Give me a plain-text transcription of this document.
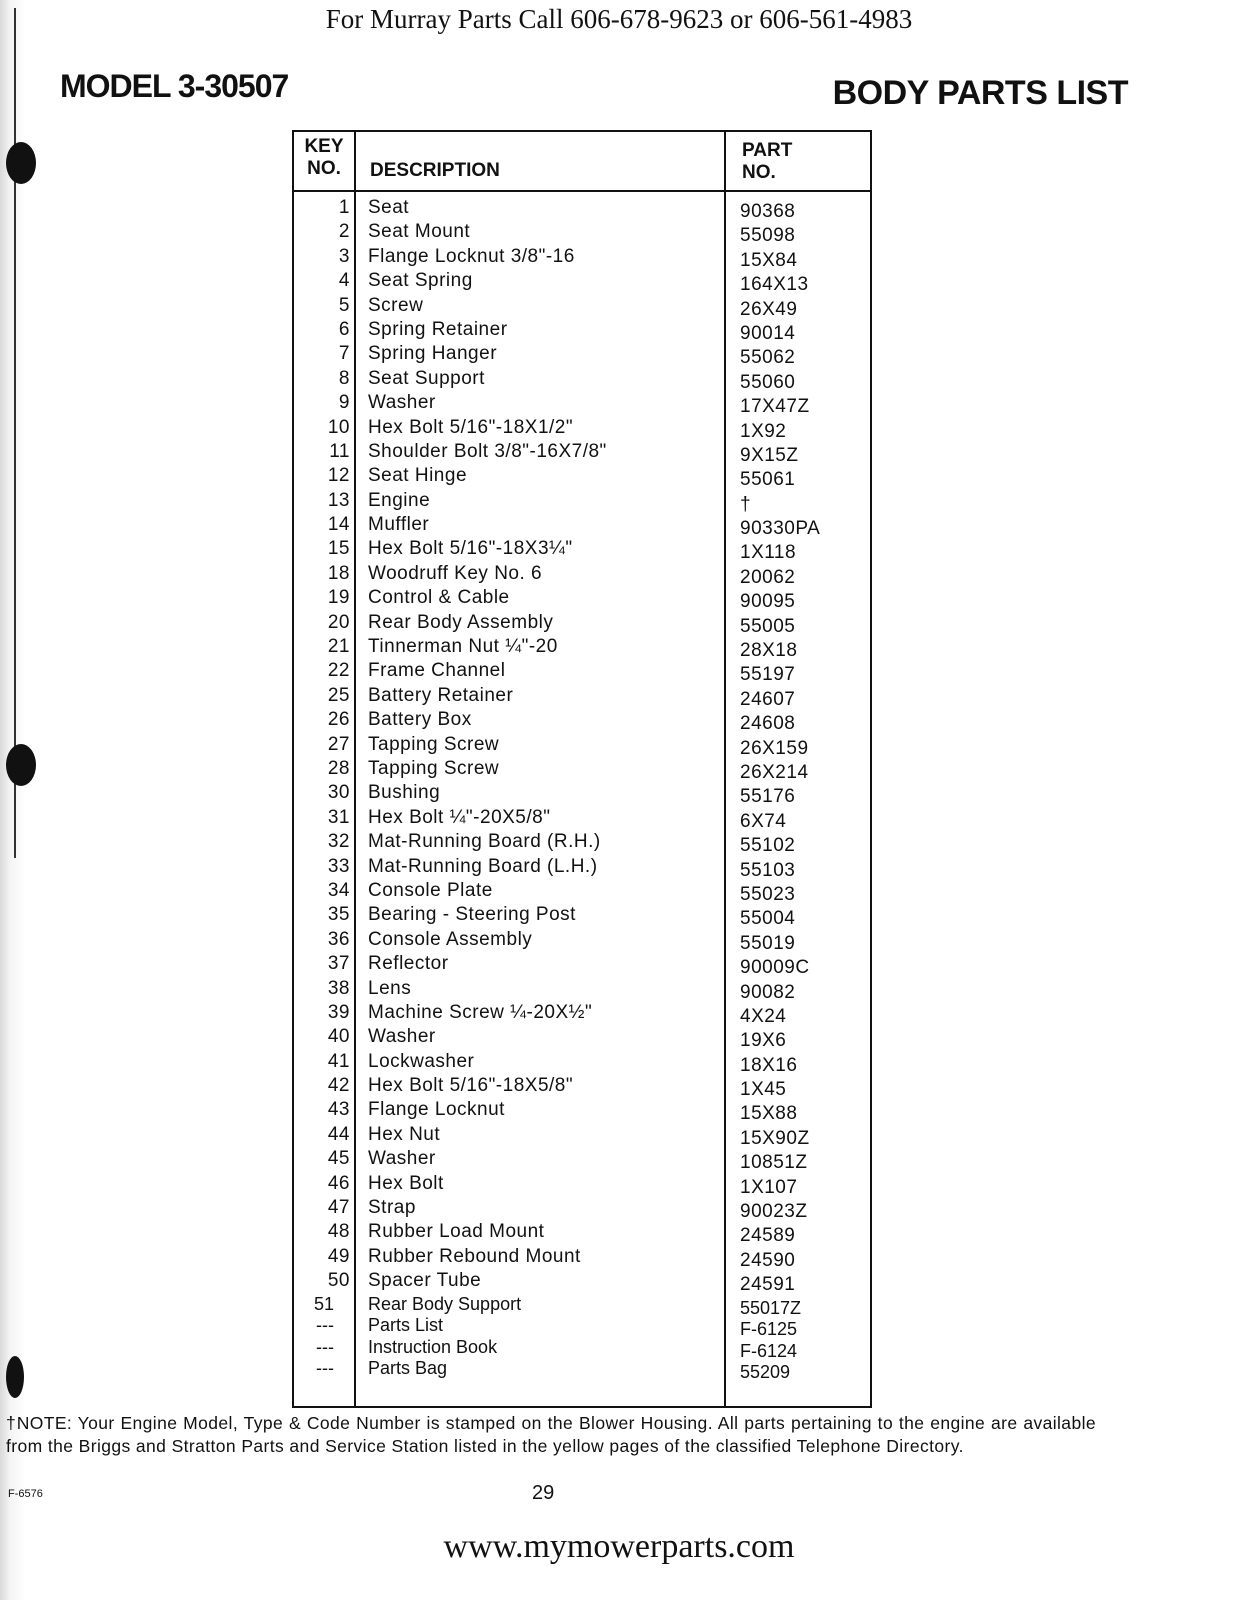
For Murray Parts Call 606-678-9623 or 606-561-4983
MODEL 3-30507	BODY PARTS LIST
KEY
NO.	DESCRIPTION
PART
NO.
1 Seat	90368
2 Seat Mount	55098
3 Flange Locknut 3/8"-16	15X84
4 Seat Spring	164X13
5 Screw	26X49
6 Spring Retainer	90014
7 Spring Hanger	55062
8 Seat Support	55060
9 Washer	17X47Z
10 Hex Bolt 5/16"-18X1/2"	1X92
11 Shoulder Bolt 3/8"-16X7/8"	9X15Z
12 Seat Hinge	55061
13 Engine	†
14 Muffler	90330PA
15 Hex Bolt 5/16"-18X3¼"	1X118
18 Woodruff Key No. 6	20062
19 Control & Cable	90095
20 Rear Body Assembly	55005
21 Tinnerman Nut ¼"-20	28X18
22 Frame Channel	55197
25 Battery Retainer	24607
26 Battery Box	24608
27 Tapping Screw	26X159
28 Tapping Screw	26X214
30 Bushing	55176
31 Hex Bolt ¼"-20X5/8"	6X74
32 Mat-Running Board (R.H.)	55102
33 Mat-Running Board (L.H.)	55103
34 Console Plate	55023
35 Bearing - Steering Post	55004
36 Console Assembly	55019
37 Reflector	90009C
38 Lens	90082
39 Machine Screw ¼-20X½"	4X24
40 Washer	19X6
41 Lockwasher	18X16
42 Hex Bolt 5/16"-18X5/8"	1X45
43 Flange Locknut	15X88
44 Hex Nut	15X90Z
45 Washer	10851Z
46 Hex Bolt	1X107
47 Strap	90023Z
48 Rubber Load Mount	24589
49 Rubber Rebound Mount	24590
50 Spacer Tube	24591
51 Rear Body Support	55017Z
--- Parts List	F-6125
--- Instruction Book	F-6124
--- Parts Bag	55209
†NOTE: Your Engine Model, Type & Code Number is stamped on the Blower Housing. All parts pertaining to the engine are available from the Briggs and Stratton Parts and Service Station listed in the yellow pages of the classified Telephone Directory.
F-6576	29
www.mymowerparts.com
